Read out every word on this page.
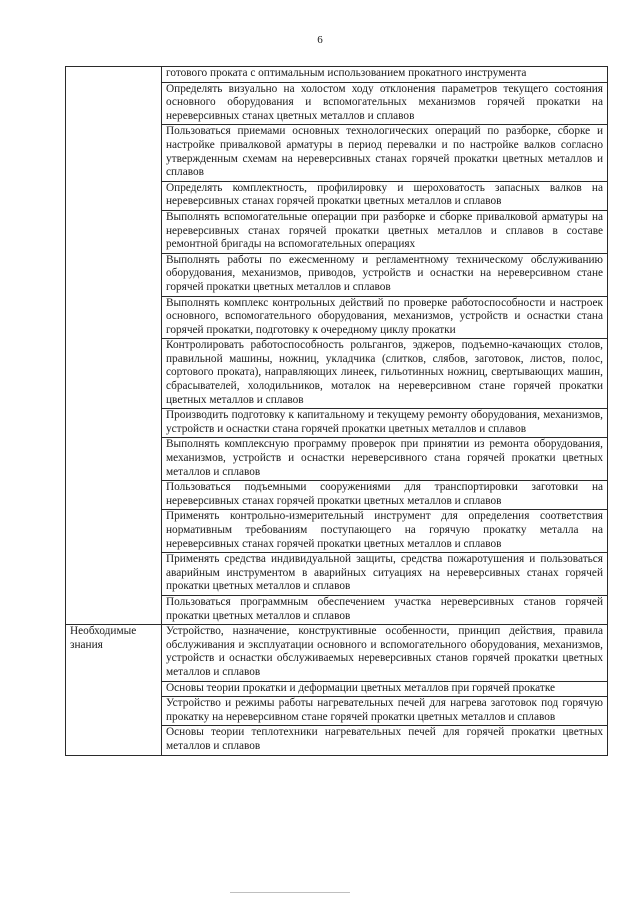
6
	готового проката с оптимальным использованием прокатного инструмента
	Определять визуально на холостом ходу отклонения параметров текущего состояния основного оборудования и вспомогательных механизмов горячей прокатки на нереверсивных станах цветных металлов и сплавов
	Пользоваться приемами основных технологических операций по разборке, сборке и настройке привалковой арматуры в период перевалки и по настройке валков согласно утвержденным схемам на нереверсивных станах горячей прокатки цветных металлов и сплавов
	Определять комплектность, профилировку и шероховатость запасных валков на нереверсивных станах горячей прокатки цветных металлов и сплавов
	Выполнять вспомогательные операции при разборке и сборке привалковой арматуры на нереверсивных станах горячей прокатки цветных металлов и сплавов в составе ремонтной бригады на вспомогательных операциях
	Выполнять работы по ежесменному и регламентному техническому обслуживанию оборудования, механизмов, приводов, устройств и оснастки на нереверсивном стане горячей прокатки цветных металлов и сплавов
	Выполнять комплекс контрольных действий по проверке работоспособности и настроек основного, вспомогательного оборудования, механизмов, устройств и оснастки стана горячей прокатки, подготовку к очередному циклу прокатки
	Контролировать работоспособность рольгангов, эджеров, подъемно-качающих столов, правильной машины, ножниц, укладчика (слитков, слябов, заготовок, листов, полос, сортового проката), направляющих линеек, гильотинных ножниц, свертывающих машин, сбрасывателей, холодильников, моталок на нереверсивном стане горячей прокатки цветных металлов и сплавов
	Производить подготовку к капитальному и текущему ремонту оборудования, механизмов, устройств и оснастки стана горячей прокатки цветных металлов и сплавов
	Выполнять комплексную программу проверок при принятии из ремонта оборудования, механизмов, устройств и оснастки нереверсивного стана горячей прокатки цветных металлов и сплавов
	Пользоваться подъемными сооружениями для транспортировки заготовки на нереверсивных станах горячей прокатки цветных металлов и сплавов
	Применять контрольно-измерительный инструмент для определения соответствия нормативным требованиям поступающего на горячую прокатку металла на нереверсивных станах горячей прокатки цветных металлов и сплавов
	Применять средства индивидуальной защиты, средства пожаротушения и пользоваться аварийным инструментом в аварийных ситуациях на нереверсивных станах горячей прокатки цветных металлов и сплавов
	Пользоваться программным обеспечением участка нереверсивных станов горячей прокатки цветных металлов и сплавов
Необходимые знания	Устройство, назначение, конструктивные особенности, принцип действия, правила обслуживания и эксплуатации основного и вспомогательного оборудования, механизмов, устройств и оснастки обслуживаемых нереверсивных станов горячей прокатки цветных металлов и сплавов
	Основы теории прокатки и деформации цветных металлов при горячей прокатке
	Устройство и режимы работы нагревательных печей для нагрева заготовок под горячую прокатку на нереверсивном стане горячей прокатки цветных металлов и сплавов
	Основы теории теплотехники нагревательных печей для горячей прокатки цветных металлов и сплавов
